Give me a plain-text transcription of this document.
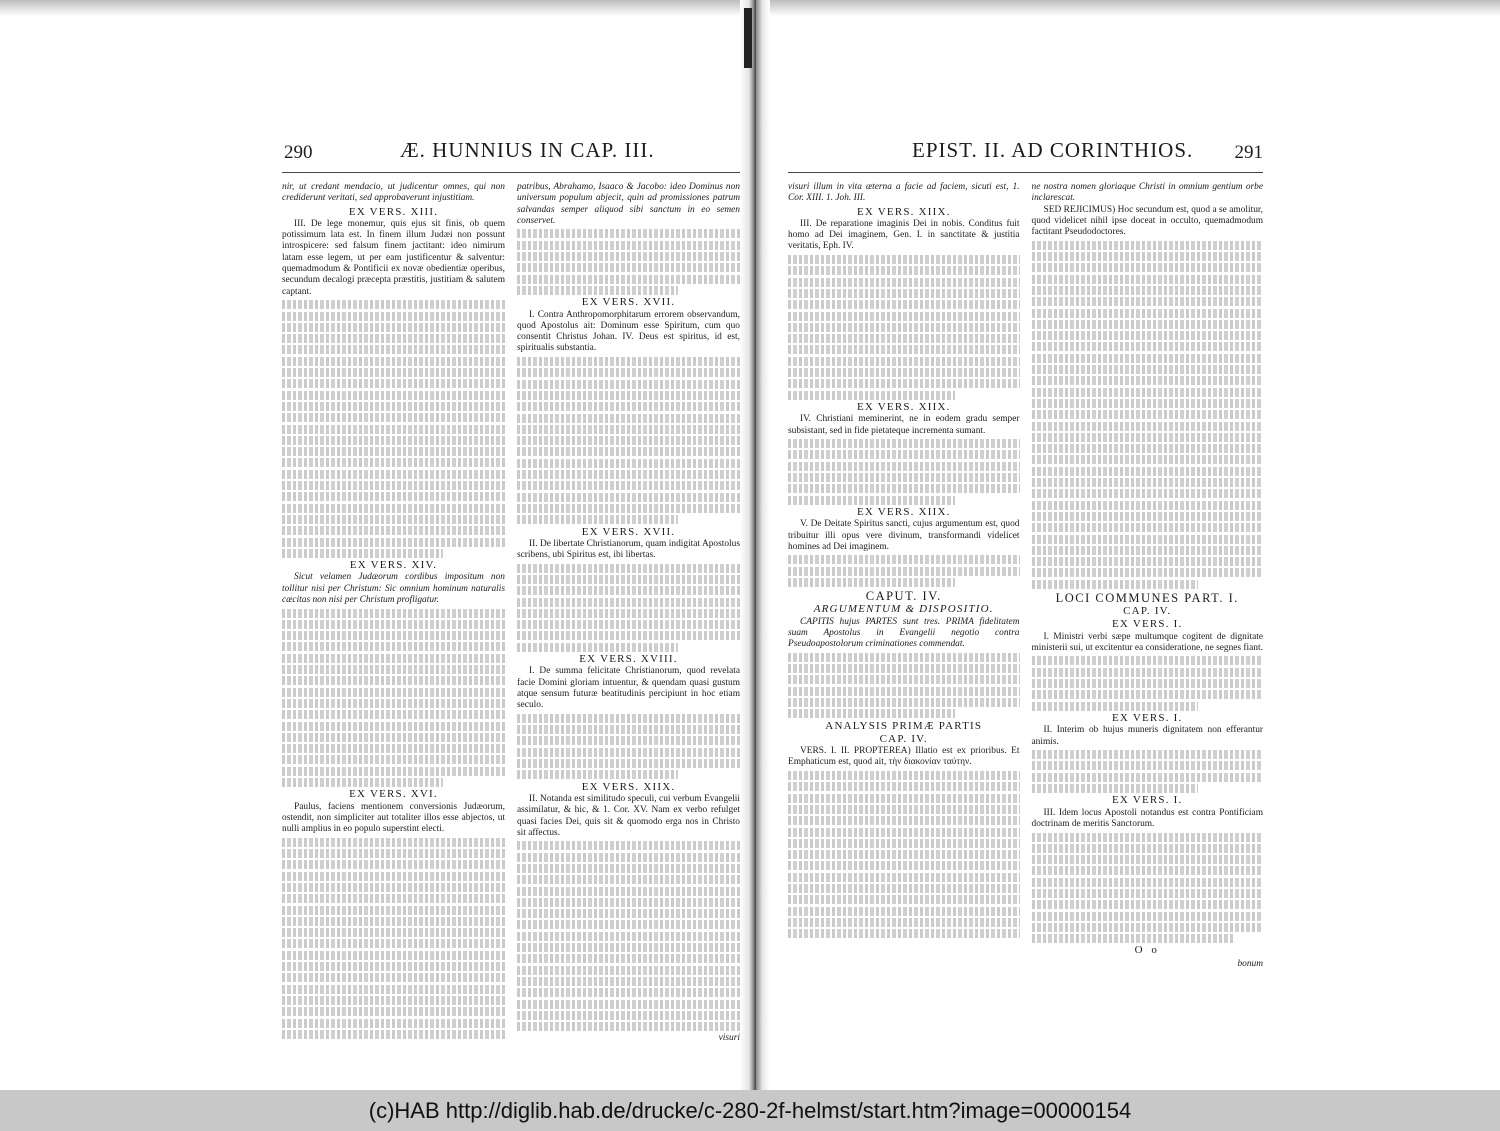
290	Æ. HUNNIUS IN CAP. III.

nir, ut credant mendacio, ut judicentur omnes, qui non crediderunt veritati, sed approbaverunt injustitiam.

EX VERS. XIII.

III. De lege monemur, quis ejus sit finis, ob quem potissimum lata est. In finem illum Judæi non possunt introspicere: sed falsum finem jactitant: ideo nimirum latam esse legem, ut per eam justificentur & salventur: quemadmodum & Pontificii ex novæ obedientiæ operibus, secundum decalogi præcepta præstitis, justitiam & salutem captant.

EX VERS. XIV.

Sicut velamen Judæorum cordibus impositum non tollitur nisi per Christum: Sic omnium hominum naturalis cæcitas non nisi per Christum profligatur.

EX VERS. XVI.

Paulus, faciens mentionem conversionis Judæorum, ostendit, non simpliciter aut totaliter illos esse abjectos, ut nulli amplius in eo populo superstint electi.

patribus, Abrahamo, Isaaco & Jacobo: ideo Dominus non universum populum abjecit, quin ad promissiones patrum salvandas semper aliquod sibi sanctum in eo semen conservet.

EX VERS. XVII.

I. Contra Anthropomorphitarum errorem observandum, quod Apostolus ait: Dominum esse Spiritum, cum quo consentit Christus Johan. IV. Deus est spiritus, id est, spiritualis substantia.

EX VERS. XVII.

II. De libertate Christianorum, quam indigitat Apostolus scribens, ubi Spiritus est, ibi libertas.

EX VERS. XVIII.

I. De summa felicitate Christianorum, quod revelata facie Domini gloriam intuentur, & quendam quasi gustum atque sensum futuræ beatitudinis percipiunt in hoc etiam seculo.

EX VERS. XIIX.

II. Notanda est similitudo speculi, cui verbum Evangelii assimilatur, & hic, & 1. Cor. XV. Nam ex verbo refulget quasi facies Dei, quis sit & quomodo erga nos in Christo sit affectus.

visuri
EPIST. II. AD CORINTHIOS. 291

visuri illum in vita æterna a facie ad faciem, sicuti est, 1. Cor. XIII. 1. Joh. III.

EX VERS. XIIX.

III. De reparatione imaginis Dei in nobis. Conditus fuit homo ad Dei imaginem, Gen. I. in sanctitate & justitia veritatis, Eph. IV.

EX VERS. XIIX.

IV. Christiani meminerint, ne in eodem gradu semper subsistant, sed in fide pietateque incrementa sumant.

EX VERS. XIIX.

V. De Deitate Spiritus sancti, cujus argumentum est, quod tribuitur illi opus vere divinum, transformandi videlicet homines ad Dei imaginem.

CAPUT. IV.
ARGUMENTUM & DISPOSITIO.

CAPITIS hujus PARTES sunt tres. PRIMA fidelitatem suam Apostolus in Evangelii negotio contra Pseudoapostolorum criminationes commendat.

ANALYSIS PRIMÆ PARTIS
CAP. IV.

VERS. I. II. PROPTEREA) Illatio est ex prioribus. Et Emphaticum est, quod ait, τὴν διακονίαν ταύτην.

ne nostra nomen gloriaque Christi in omnium gentium orbe inclarescat.

SED REJICIMUS) Hoc secundum est, quod a se amolitur, quod videlicet nihil ipse doceat in occulto, quemadmodum factitant Pseudodoctores.

LOCI COMMUNES PART. I.
CAP. IV.
EX VERS. I.

I. Ministri verbi sæpe multumque cogitent de dignitate ministerii sui, ut excitentur ea consideratione, ne segnes fiant.

EX VERS. I.

II. Interim ob hujus muneris dignitatem non efferantur animis.

EX VERS. I.

III. Idem locus Apostoli notandus est contra Pontificiam doctrinam de meritis Sanctorum.

O o
bonum
(c)HAB http://diglib.hab.de/drucke/c-280-2f-helmst/start.htm?image=00000154
